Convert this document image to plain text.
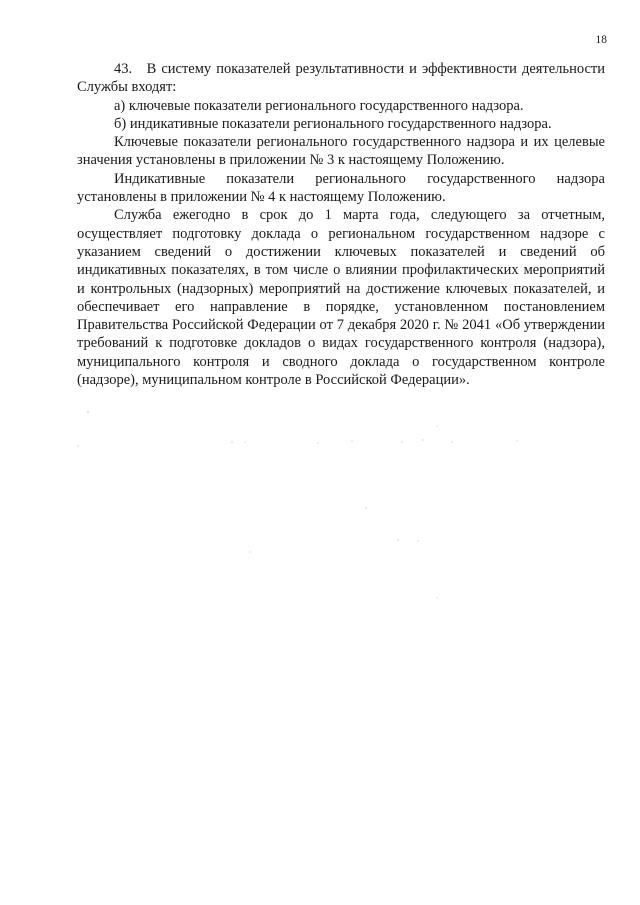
18

43. В систему показателей результативности и эффективности деятельности Службы входят:

а) ключевые показатели регионального государственного надзора.

б) индикативные показатели регионального государственного надзора.

Ключевые показатели регионального государственного надзора и их целевые значения установлены в приложении № 3 к настоящему Положению.

Индикативные показатели регионального государственного надзора установлены в приложении № 4 к настоящему Положению.

Служба ежегодно в срок до 1 марта года, следующего за отчетным, осуществляет подготовку доклада о региональном государственном надзоре с указанием сведений о достижении ключевых показателей и сведений об индикативных показателях, в том числе о влиянии профилактических мероприятий и контрольных (надзорных) мероприятий на достижение ключевых показателей, и обеспечивает его направление в порядке, установленном постановлением Правительства Российской Федерации от 7 декабря 2020 г. № 2041 «Об утверждении требований к подготовке докладов о видах государственного контроля (надзора), муниципального контроля и сводного доклада о государственном контроле (надзоре), муниципальном контроле в Российской Федерации».
